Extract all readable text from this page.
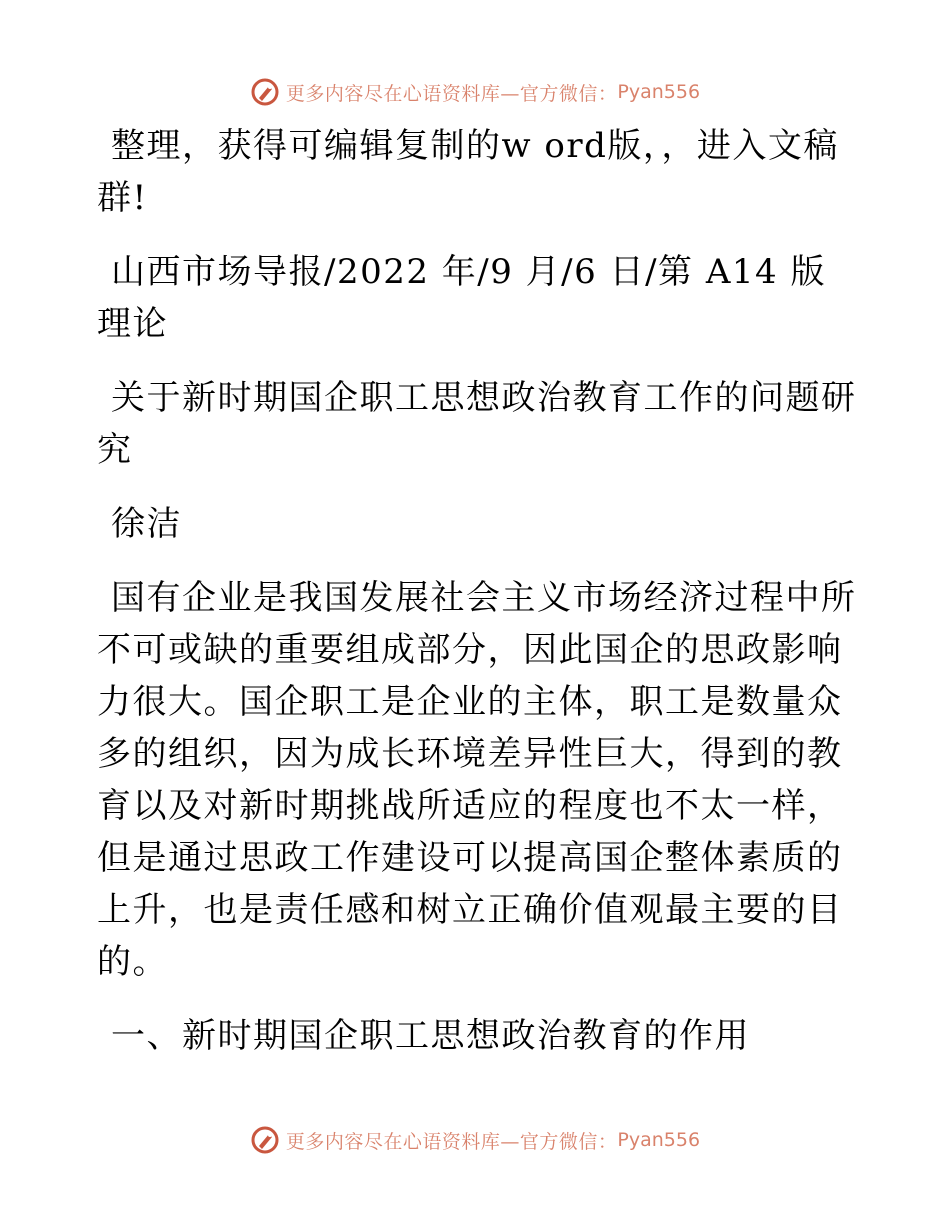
更多内容尽在心语资料库—官方微信： Pyan556

整理，获得可编辑复制的w ord版，，进入文稿群!

山西市场导报/2022 年/9 月/6 日/第 A14 版理论

关于新时期国企职工思想政治教育工作的问题研究

徐洁

国有企业是我国发展社会主义市场经济过程中所不可或缺的重要组成部分，因此国企的思政影响力很大。国企职工是企业的主体，职工是数量众多的组织，因为成长环境差异性巨大，得到的教育以及对新时期挑战所适应的程度也不太一样，但是通过思政工作建设可以提高国企整体素质的上升，也是责任感和树立正确价值观最主要的目的。

一、新时期国企职工思想政治教育的作用

更多内容尽在心语资料库—官方微信： Pyan556
